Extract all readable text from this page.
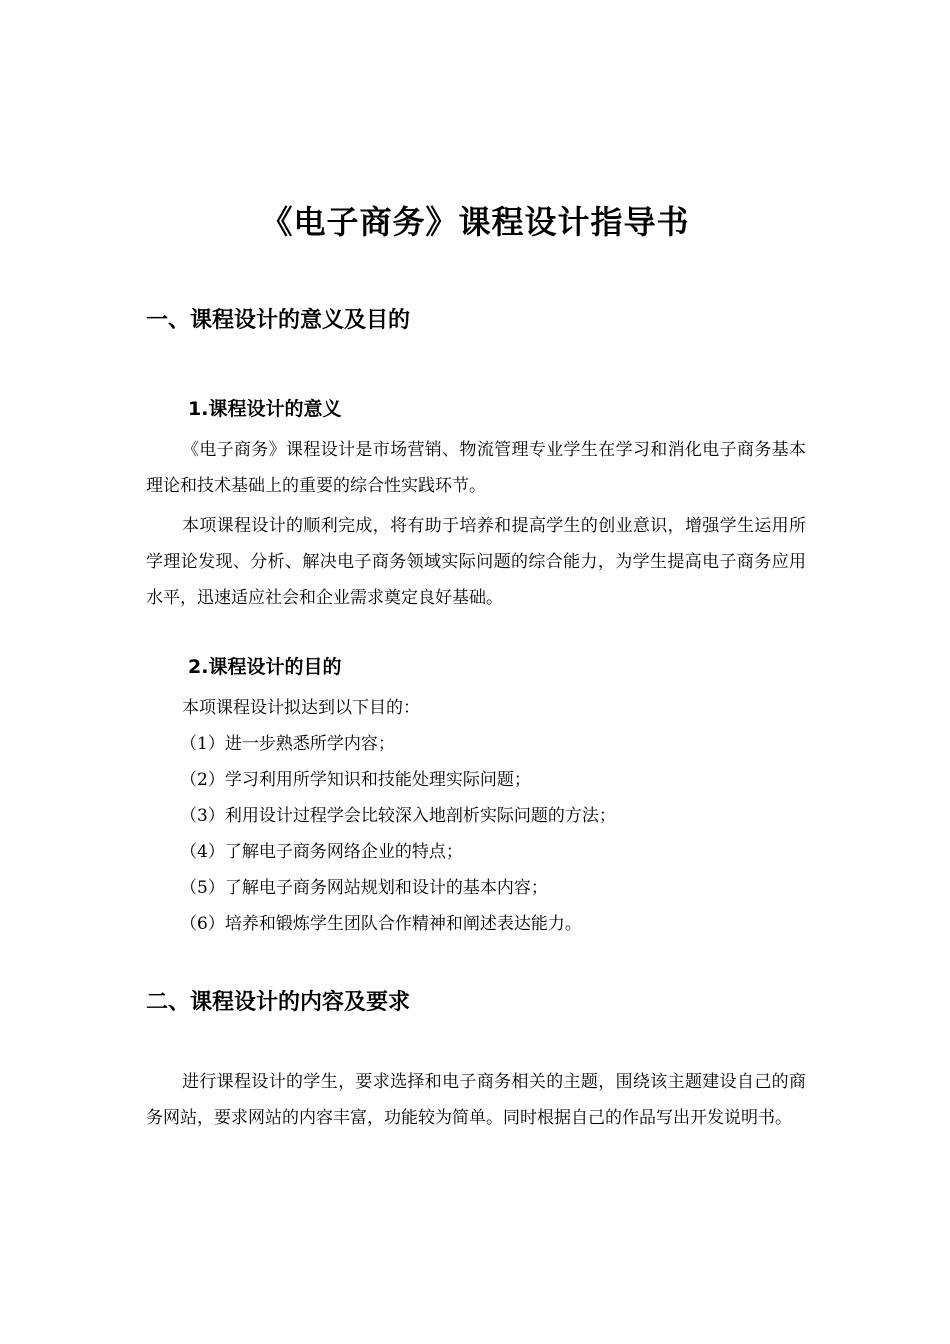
《电子商务》课程设计指导书
一、课程设计的意义及目的
1.课程设计的意义

《电子商务》课程设计是市场营销、物流管理专业学生在学习和消化电子商务基本理论和技术基础上的重要的综合性实践环节。

本项课程设计的顺利完成，将有助于培养和提高学生的创业意识，增强学生运用所学理论发现、分析、解决电子商务领域实际问题的综合能力，为学生提高电子商务应用水平，迅速适应社会和企业需求奠定良好基础。

2.课程设计的目的
本项课程设计拟达到以下目的：
（1）进一步熟悉所学内容；
（2）学习利用所学知识和技能处理实际问题；
（3）利用设计过程学会比较深入地剖析实际问题的方法；
（4）了解电子商务网络企业的特点；
（5）了解电子商务网站规划和设计的基本内容；
（6）培养和锻炼学生团队合作精神和阐述表达能力。
二、课程设计的内容及要求

进行课程设计的学生，要求选择和电子商务相关的主题，围绕该主题建设自己的商务网站，要求网站的内容丰富，功能较为简单。同时根据自己的作品写出开发说明书。
